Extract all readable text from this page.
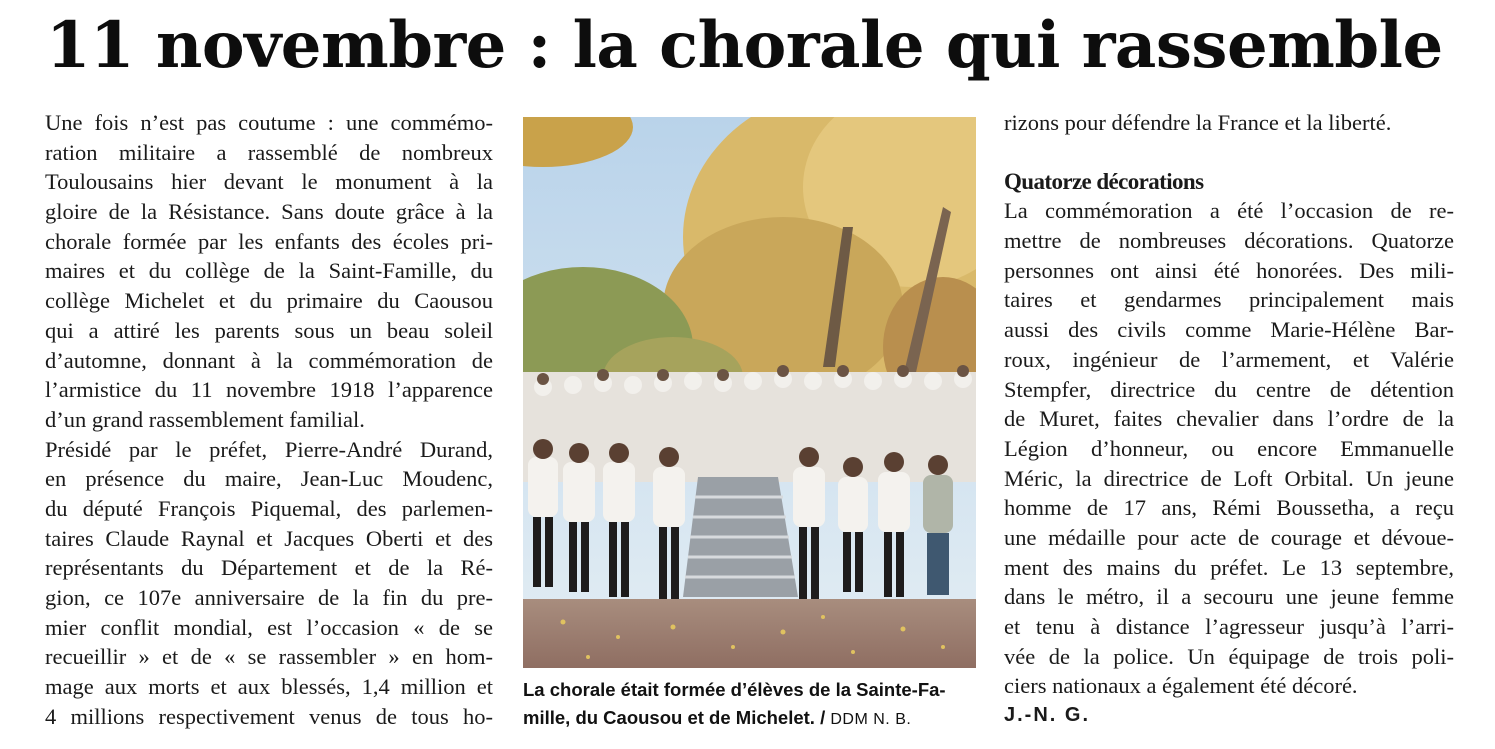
11 novembre : la chorale qui rassemble
Une fois n’est pas coutume : une commémo-
ration militaire a rassemblé de nombreux
Toulousains hier devant le monument à la
gloire de la Résistance. Sans doute grâce à la
chorale formée par les enfants des écoles pri-
maires et du collège de la Saint-Famille, du
collège Michelet et du primaire du Caousou
qui a attiré les parents sous un beau soleil
d’automne, donnant à la commémoration de
l’armistice du 11 novembre 1918 l’apparence
d’un grand rassemblement familial.
Présidé par le préfet, Pierre-André Durand,
en présence du maire, Jean-Luc Moudenc,
du député François Piquemal, des parlemen-
taires Claude Raynal et Jacques Oberti et des
représentants du Département et de la Ré-
gion, ce 107e anniversaire de la fin du pre-
mier conflit mondial, est l’occasion « de se
recueillir » et de « se rassembler » en hom-
mage aux morts et aux blessés, 1,4 million et
4 millions respectivement venus de tous ho-
La chorale était formée d’élèves de la Sainte-Fa-
mille, du Caousou et de Michelet. / DDM N. B.
rizons pour défendre la France et la liberté.
Quatorze décorations
La commémoration a été l’occasion de re-
mettre de nombreuses décorations. Quatorze
personnes ont ainsi été honorées. Des mili-
taires et gendarmes principalement mais
aussi des civils comme Marie-Hélène Bar-
roux, ingénieur de l’armement, et Valérie
Stempfer, directrice du centre de détention
de Muret, faites chevalier dans l’ordre de la
Légion d’honneur, ou encore Emmanuelle
Méric, la directrice de Loft Orbital. Un jeune
homme de 17 ans, Rémi Boussetha, a reçu
une médaille pour acte de courage et dévoue-
ment des mains du préfet. Le 13 septembre,
dans le métro, il a secouru une jeune femme
et tenu à distance l’agresseur jusqu’à l’arri-
vée de la police. Un équipage de trois poli-
ciers nationaux a également été décoré.
J.-N. G.
